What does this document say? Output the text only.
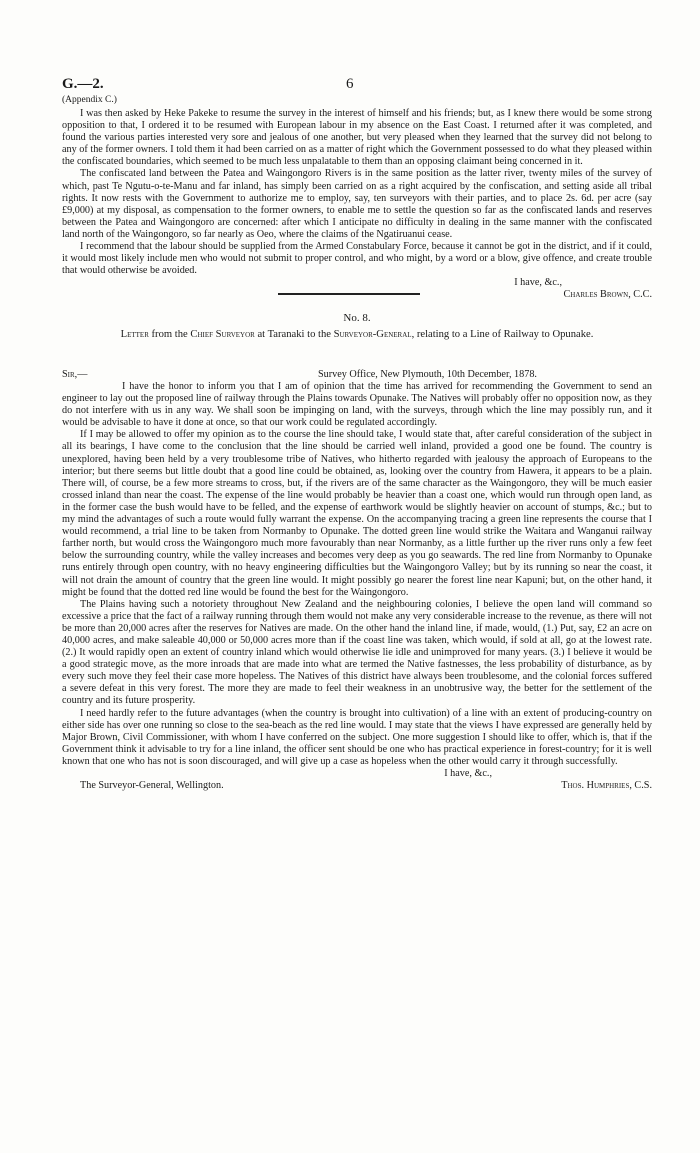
G.—2.
(Appendix C.)
6

I was then asked by Heke Pakeke to resume the survey in the interest of himself and his friends; but, as I knew there would be some strong opposition to that, I ordered it to be resumed with European labour in my absence on the East Coast. I returned after it was completed, and found the various parties interested very sore and jealous of one another, but very pleased when they learned that the survey did not belong to any of the former owners. I told them it had been carried on as a matter of right which the Government possessed to do what they pleased within the confiscated boundaries, which seemed to be much less unpalatable to them than an opposing claimant being concerned in it.

The confiscated land between the Patea and Waingongoro Rivers is in the same position as the latter river, twenty miles of the survey of which, past Te Ngutu-o-te-Manu and far inland, has simply been carried on as a right acquired by the confiscation, and setting aside all tribal rights. It now rests with the Government to authorize me to employ, say, ten surveyors with their parties, and to place 2s. 6d. per acre (say £9,000) at my disposal, as compensation to the former owners, to enable me to settle the question so far as the confiscated lands and reserves between the Patea and Waingongoro are concerned: after which I anticipate no difficulty in dealing in the same manner with the confiscated land north of the Waingongoro, so far nearly as Oeo, where the claims of the Ngatiruanui cease.

I recommend that the labour should be supplied from the Armed Constabulary Force, because it cannot be got in the district, and if it could, it would most likely include men who would not submit to proper control, and who might, by a word or a blow, give offence, and create trouble that would otherwise be avoided.

I have, &c.,
Charles Brown, C.C.
No. 8.
Letter from the Chief Surveyor at Taranaki to the Surveyor-General, relating to a Line of Railway to Opunake.
Sir,—	Survey Office, New Plymouth, 10th December, 1878.

I have the honor to inform you that I am of opinion that the time has arrived for recommending the Government to send an engineer to lay out the proposed line of railway through the Plains towards Opunake. The Natives will probably offer no opposition now, as they do not interfere with us in any way. We shall soon be impinging on land, with the surveys, through which the line may possibly run, and it would be advisable to have it done at once, so that our work could be regulated accordingly.

If I may be allowed to offer my opinion as to the course the line should take, I would state that, after careful consideration of the subject in all its bearings, I have come to the conclusion that the line should be carried well inland, provided a good one be found. The country is unexplored, having been held by a very troublesome tribe of Natives, who hitherto regarded with jealousy the approach of Europeans to the interior; but there seems but little doubt that a good line could be obtained, as, looking over the country from Hawera, it appears to be a plain. There will, of course, be a few more streams to cross, but, if the rivers are of the same character as the Waingongoro, they will be much easier crossed inland than near the coast. The expense of the line would probably be heavier than a coast one, which would run through open land, as in the former case the bush would have to be felled, and the expense of earthwork would be slightly heavier on account of stumps, &c.; but to my mind the advantages of such a route would fully warrant the expense. On the accompanying tracing a green line represents the course that I would recommend, a trial line to be taken from Normanby to Opunake. The dotted green line would strike the Waitara and Wanganui railway farther north, but would cross the Waingongoro much more favourably than near Normanby, as a little further up the river runs only a few feet below the surrounding country, while the valley increases and becomes very deep as you go seawards. The red line from Normanby to Opunake runs entirely through open country, with no heavy engineering difficulties but the Waingongoro Valley; but by its running so near the coast, it will not drain the amount of country that the green line would. It might possibly go nearer the forest line near Kapuni; but, on the other hand, it might be found that the dotted red line would be found the best for the Waingongoro.

The Plains having such a notoriety throughout New Zealand and the neighbouring colonies, I believe the open land will command so excessive a price that the fact of a railway running through them would not make any very considerable increase to the revenue, as there will not be more than 20,000 acres after the reserves for Natives are made. On the other hand the inland line, if made, would, (1.) Put, say, £2 an acre on 40,000 acres, and make saleable 40,000 or 50,000 acres more than if the coast line was taken, which would, if sold at all, go at the lowest rate. (2.) It would rapidly open an extent of country inland which would otherwise lie idle and unimproved for many years. (3.) I believe it would be a good strategic move, as the more inroads that are made into what are termed the Native fastnesses, the less probability of disturbance, as by every such move they feel their case more hopeless. The Natives of this district have always been troublesome, and the colonial forces suffered a severe defeat in this very forest. The more they are made to feel their weakness in an unobtrusive way, the better for the settlement of the country and its future prosperity.

I need hardly refer to the future advantages (when the country is brought into cultivation) of a line with an extent of producing-country on either side has over one running so close to the sea-beach as the red line would. I may state that the views I have expressed are generally held by Major Brown, Civil Commissioner, with whom I have conferred on the subject. One more suggestion I should like to offer, which is, that if the Government think it advisable to try for a line inland, the officer sent should be one who has practical experience in forest-country; for it is well known that one who has not is soon discouraged, and will give up a case as hopeless when the other would carry it through successfully.

I have, &c.,
The Surveyor-General, Wellington.	Thos. Humphries, C.S.
